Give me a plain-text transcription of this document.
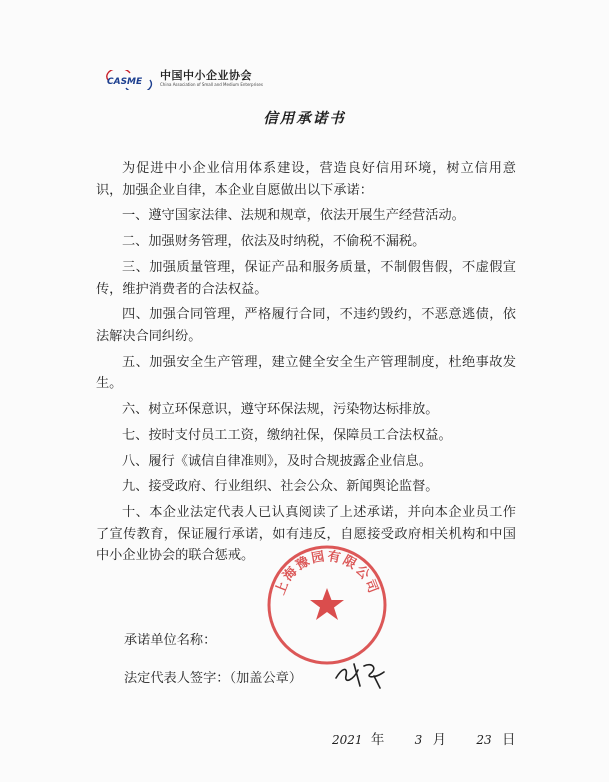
CASME 中国中小企业协会
China Association of Small and Medium Enterprises
信用承诺书

为促进中小企业信用体系建设，营造良好信用环境，树立信用意识，加强企业自律，本企业自愿做出以下承诺：

一、遵守国家法律、法规和规章，依法开展生产经营活动。

二、加强财务管理，依法及时纳税，不偷税不漏税。

三、加强质量管理，保证产品和服务质量，不制假售假，不虚假宣传，维护消费者的合法权益。

四、加强合同管理，严格履行合同，不违约毁约，不恶意逃债，依法解决合同纠纷。

五、加强安全生产管理，建立健全安全生产管理制度，杜绝事故发生。

六、树立环保意识，遵守环保法规，污染物达标排放。

七、按时支付员工工资，缴纳社保，保障员工合法权益。

八、履行《诚信自律准则》，及时合规披露企业信息。

九、接受政府、行业组织、社会公众、新闻舆论监督。

十、本企业法定代表人已认真阅读了上述承诺，并向本企业员工作了宣传教育，保证履行承诺，如有违反，自愿接受政府相关机构和中国中小企业协会的联合惩戒。

承诺单位名称：
法定代表人签字：（加盖公章）
上海豫园有限公司
2021 年	3 月	23 日
